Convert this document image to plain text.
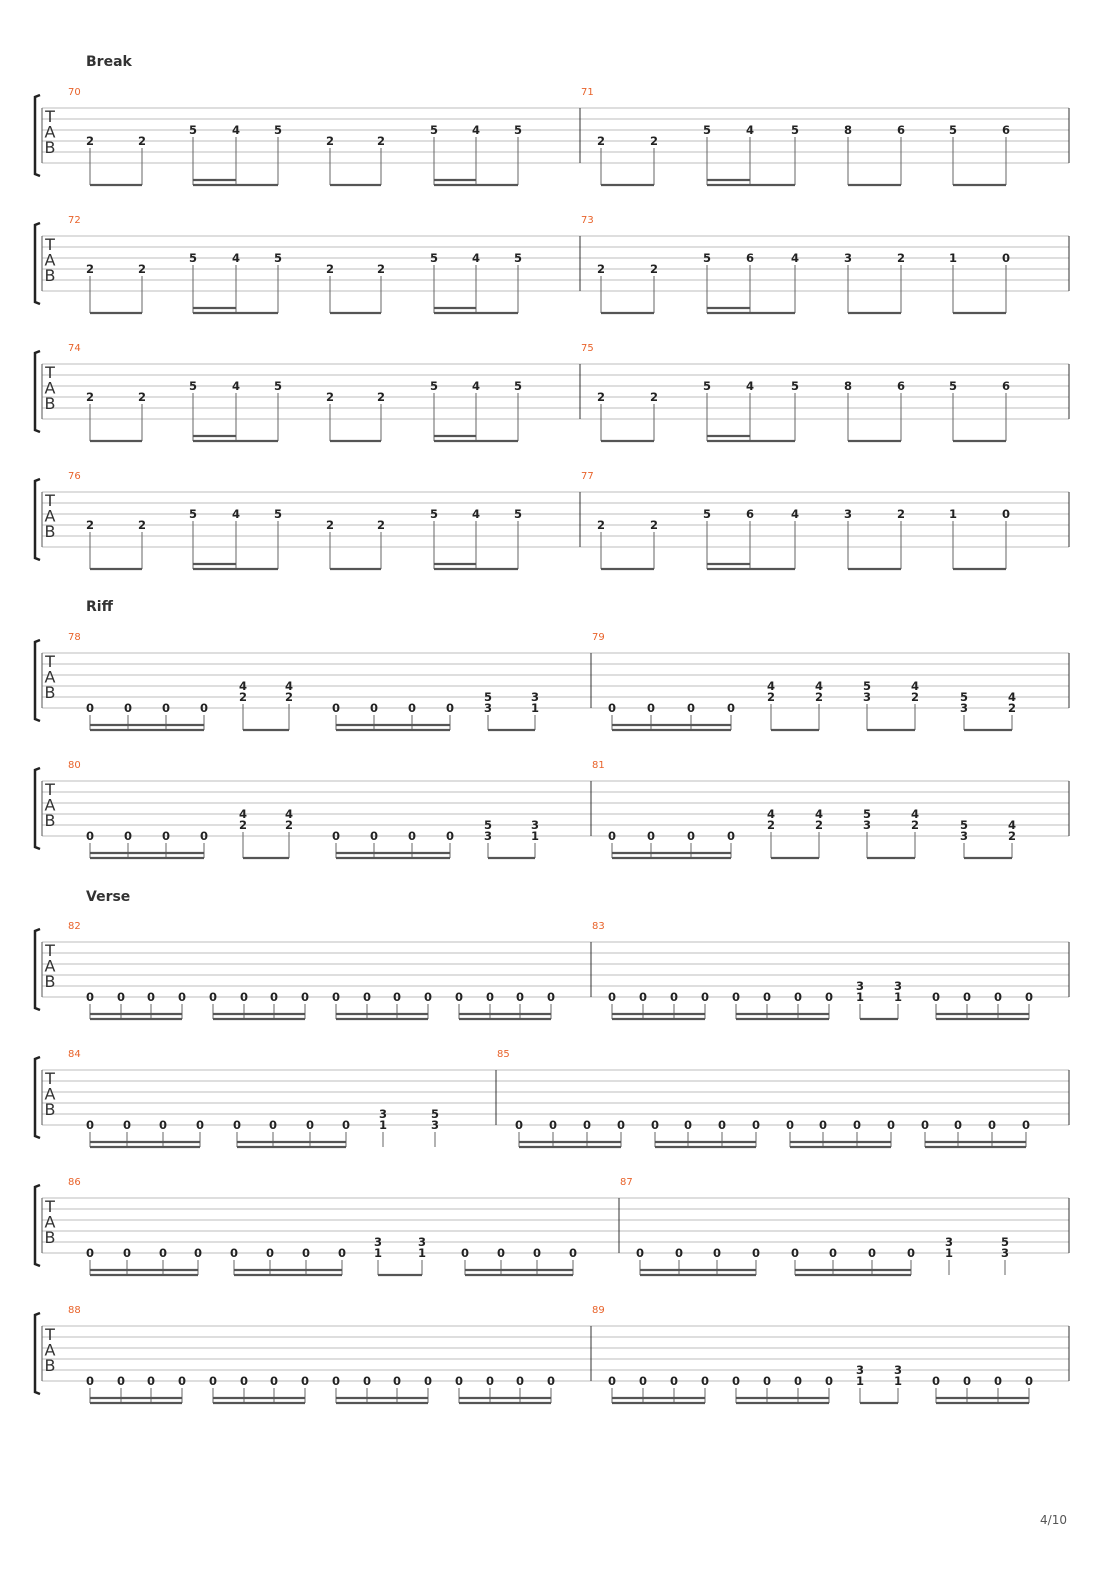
Break
Riff
Verse
T
A
B
70
2	2
5	4	5
2	2
5	4	5
71
2	2
5	4	5	8	6	5	6
T
A
B
72
2	2
5	4	5
2	2
5	4	5
73
2	2
5	6	4	3	2	1	0
T
A
B
74
2	2
5	4	5
2	2
5	4	5
75
2	2
5	4	5	8	6	5	6
T
A
B
76
2	2
5	4	5
2	2
5	4	5
77
2	2
5	6	4	3	2	1	0
T
A
B
78
0	0	0	0
4
2
4
2
0	0	0	0
5
3
3
1
79
0	0	0	0
4
2
4
2
5
3
4
2	5
3
4
2
T
A
B
80
0	0	0	0
4
2
4
2
0	0	0	0
5
3
3
1
81
0	0	0	0
4
2
4
2
5
3
4
2	5
3
4
2
T
A
B
82
0 0 0 0 0 0 0 0 0 0 0 0 0 0 0 0
83
0 0 0 0 0 0 0 0
3
1
3
1	0 0 0 0
T
A
B
84
0	0 0	0	0 0	0 0
3
1
5
3
85
0 0 0 0 0 0 0 0 0 0 0 0 0 0 0 0
T
A
B
86
0	0 0 0 0 0 0 0
3
1
3
1	0 0 0 0
87
0	0	0	0	0	0	0	0
3
1
5
3
T
A
B
88
0 0 0 0 0 0 0 0 0 0 0 0 0 0 0 0
89
0 0 0 0 0 0 0 0
3
1
3
1	0 0 0 0
4/10
